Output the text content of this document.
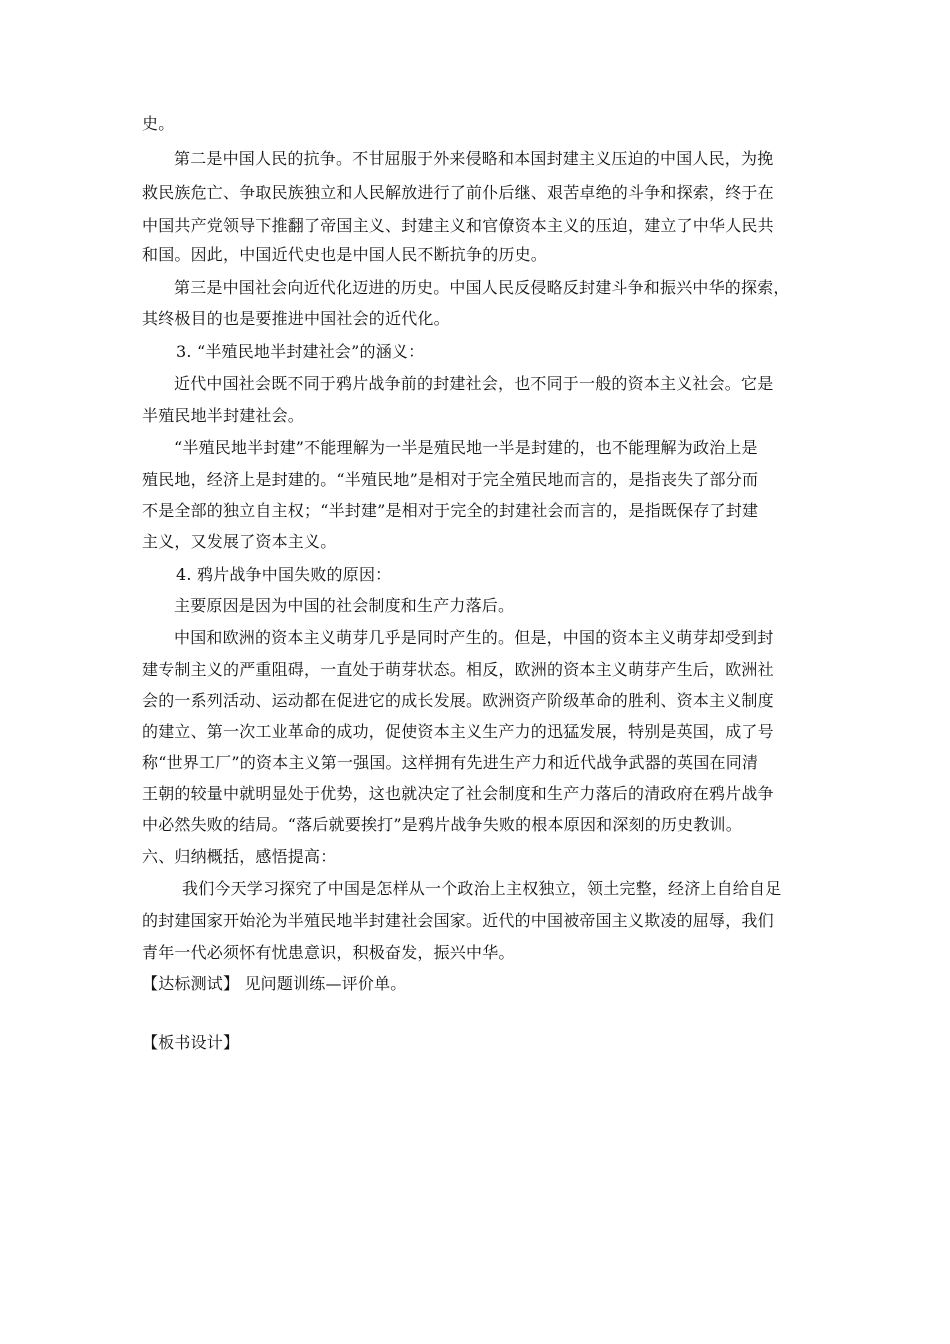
史。
第二是中国人民的抗争。不甘屈服于外来侵略和本国封建主义压迫的中国人民，为挽
救民族危亡、争取民族独立和人民解放进行了前仆后继、艰苦卓绝的斗争和探索，终于在
中国共产党领导下推翻了帝国主义、封建主义和官僚资本主义的压迫，建立了中华人民共
和国。因此，中国近代史也是中国人民不断抗争的历史。
第三是中国社会向近代化迈进的历史。中国人民反侵略反封建斗争和振兴中华的探索，
其终极目的也是要推进中国社会的近代化。
3. “半殖民地半封建社会”的涵义：
近代中国社会既不同于鸦片战争前的封建社会，也不同于一般的资本主义社会。它是
半殖民地半封建社会。
“半殖民地半封建”不能理解为一半是殖民地一半是封建的，也不能理解为政治上是
殖民地，经济上是封建的。“半殖民地”是相对于完全殖民地而言的，是指丧失了部分而
不是全部的独立自主权；“半封建”是相对于完全的封建社会而言的，是指既保存了封建
主义，又发展了资本主义。
4. 鸦片战争中国失败的原因：
主要原因是因为中国的社会制度和生产力落后。
中国和欧洲的资本主义萌芽几乎是同时产生的。但是，中国的资本主义萌芽却受到封
建专制主义的严重阻碍，一直处于萌芽状态。相反，欧洲的资本主义萌芽产生后，欧洲社
会的一系列活动、运动都在促进它的成长发展。欧洲资产阶级革命的胜利、资本主义制度
的建立、第一次工业革命的成功，促使资本主义生产力的迅猛发展，特别是英国，成了号
称“世界工厂”的资本主义第一强国。这样拥有先进生产力和近代战争武器的英国在同清
王朝的较量中就明显处于优势，这也就决定了社会制度和生产力落后的清政府在鸦片战争
中必然失败的结局。“落后就要挨打”是鸦片战争失败的根本原因和深刻的历史教训。
六、归纳概括，感悟提高：
我们今天学习探究了中国是怎样从一个政治上主权独立，领土完整，经济上自给自足
的封建国家开始沦为半殖民地半封建社会国家。近代的中国被帝国主义欺凌的屈辱，我们
青年一代必须怀有忧患意识，积极奋发，振兴中华。
【达标测试】 见问题训练—评价单。
【板书设计】
